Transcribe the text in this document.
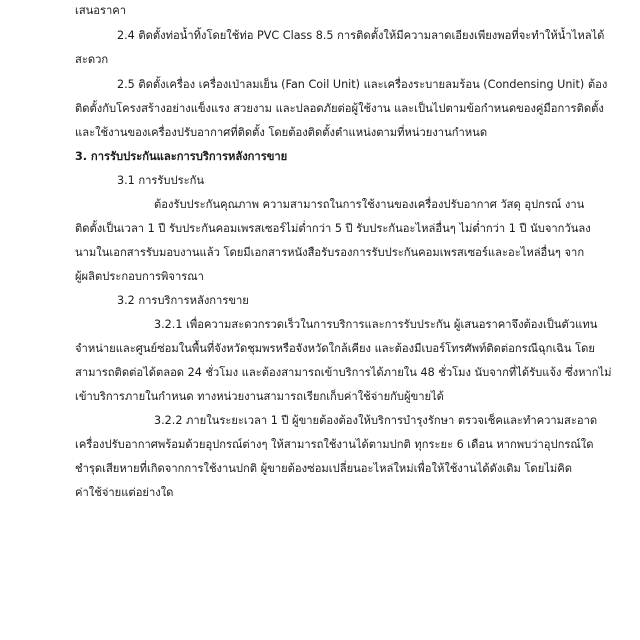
เสนอราคา
2.4 ติดตั้งท่อน้ำทิ้งโดยใช้ท่อ PVC Class 8.5 การติดตั้งให้มีความลาดเอียงเพียงพอที่จะทำให้น้ำไหลได้
สะดวก
2.5 ติดตั้งเครื่อง เครื่องเป่าลมเย็น (Fan Coil Unit) และเครื่องระบายลมร้อน (Condensing Unit) ต้อง
ติดตั้งกับโครงสร้างอย่างแข็งแรง สวยงาม และปลอดภัยต่อผู้ใช้งาน และเป็นไปตามข้อกำหนดของคู่มือการติดตั้ง
และใช้งานของเครื่องปรับอากาศที่ติดตั้ง โดยต้องติดตั้งตำแหน่งตามที่หน่วยงานกำหนด
3. การรับประกันและการบริการหลังการขาย
3.1 การรับประกัน
ต้องรับประกันคุณภาพ ความสามารถในการใช้งานของเครื่องปรับอากาศ วัสดุ อุปกรณ์ งาน
ติดตั้งเป็นเวลา 1 ปี รับประกันคอมเพรสเซอร์ไม่ต่ำกว่า 5 ปี รับประกันอะไหล่อื่นๆ ไม่ต่ำกว่า 1 ปี นับจากวันลง
นามในเอกสารรับมอบงานแล้ว โดยมีเอกสารหนังสือรับรองการรับประกันคอมเพรสเซอร์และอะไหล่อื่นๆ จาก
ผู้ผลิตประกอบการพิจารณา
3.2 การบริการหลังการขาย
3.2.1 เพื่อความสะดวกรวดเร็วในการบริการและการรับประกัน ผู้เสนอราคาจึงต้องเป็นตัวแทน
จำหน่ายและศูนย์ซ่อมในพื้นที่จังหวัดชุมพรหรือจังหวัดใกล้เคียง และต้องมีเบอร์โทรศัพท์ติดต่อกรณีฉุกเฉิน โดย
สามารถติดต่อได้ตลอด 24 ชั่วโมง และต้องสามารถเข้าบริการได้ภายใน 48 ชั่วโมง นับจากที่ได้รับแจ้ง ซึ่งหากไม่
เข้าบริการภายในกำหนด ทางหน่วยงานสามารถเรียกเก็บค่าใช้จ่ายกับผู้ขายได้
3.2.2 ภายในระยะเวลา 1 ปี ผู้ขายต้องต้องให้บริการบำรุงรักษา ตรวจเช็คและทำความสะอาด
เครื่องปรับอากาศพร้อมด้วยอุปกรณ์ต่างๆ ให้สามารถใช้งานได้ตามปกติ ทุกระยะ 6 เดือน หากพบว่าอุปกรณ์ใด
ชำรุดเสียหายที่เกิดจากการใช้งานปกติ ผู้ขายต้องซ่อมเปลี่ยนอะไหล่ใหม่เพื่อให้ใช้งานได้ดังเดิม โดยไม่คิด
ค่าใช้จ่ายแต่อย่างใด
